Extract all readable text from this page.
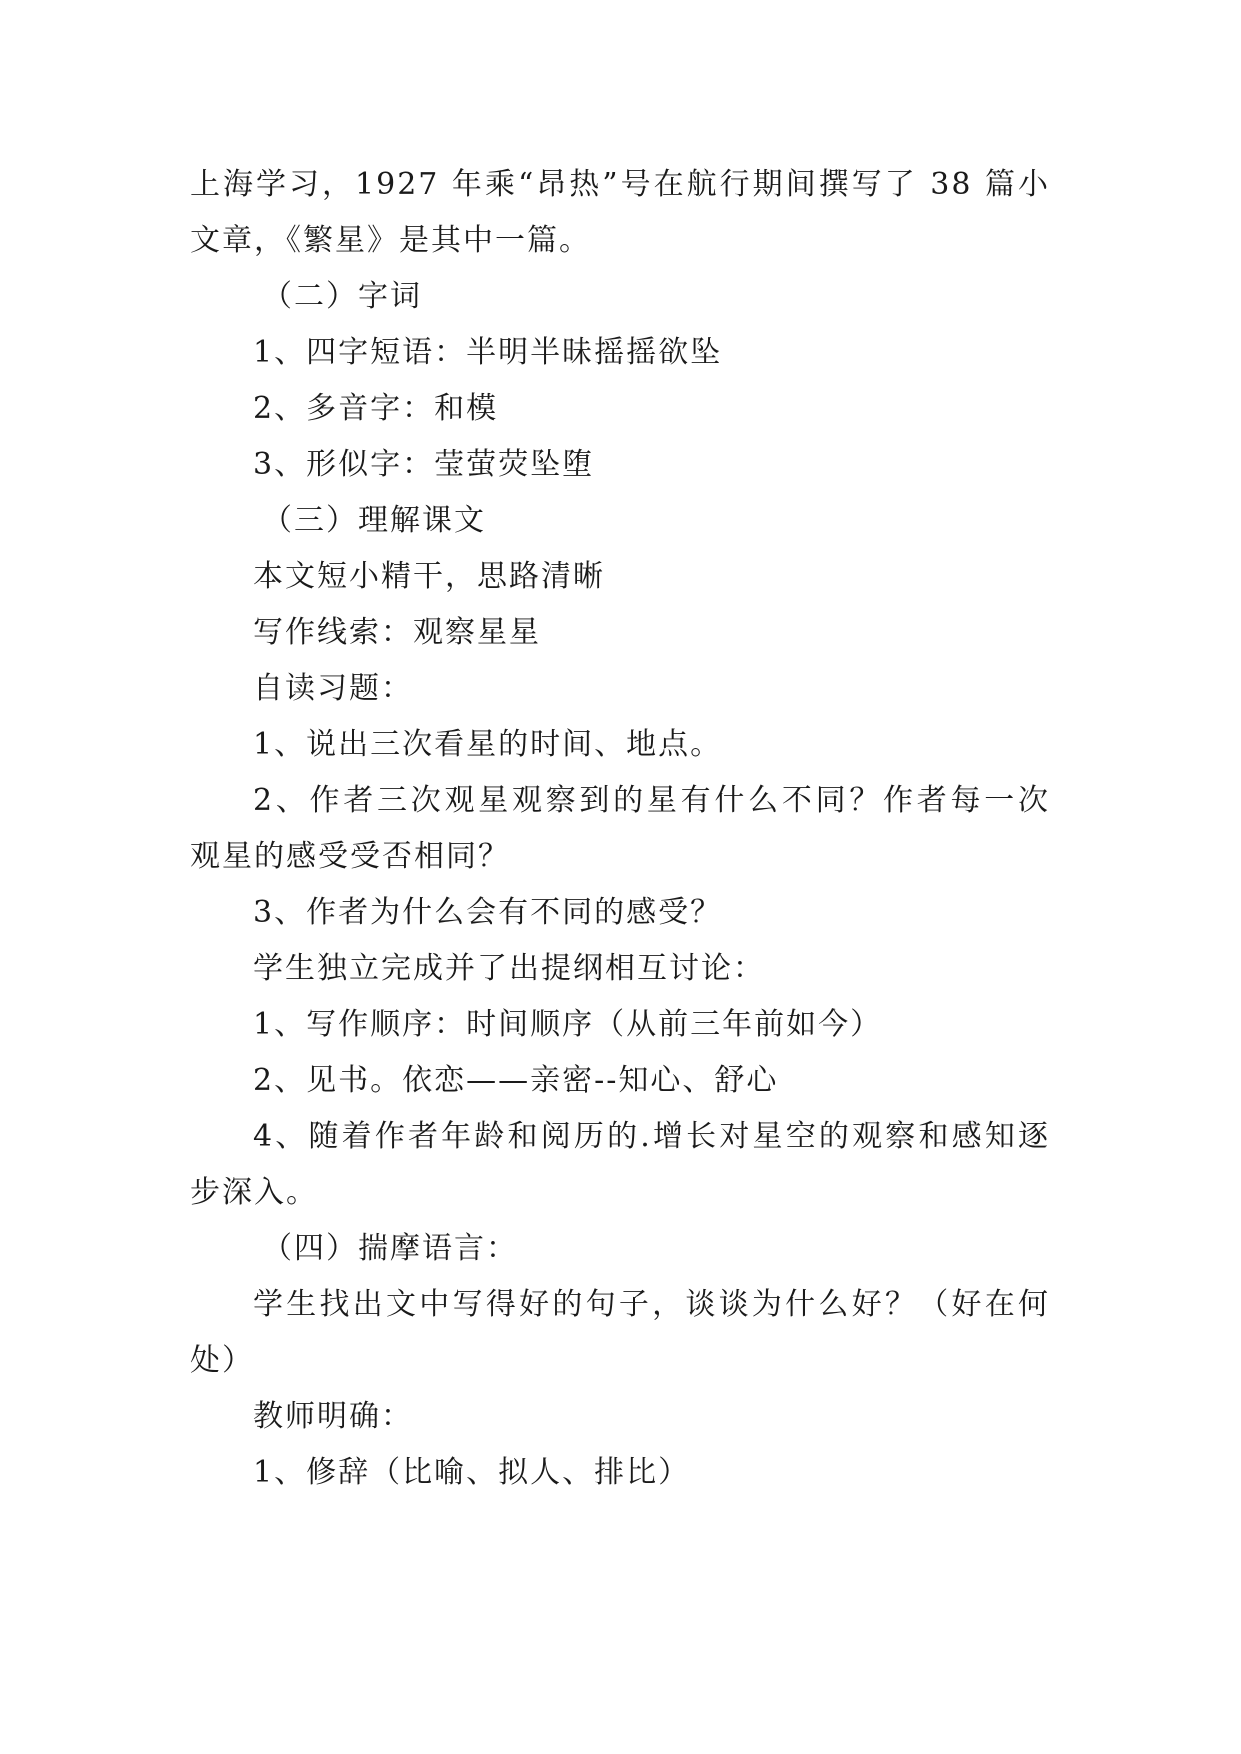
上海学习，1927 年乘“昂热”号在航行期间撰写了 38 篇小

文章，《繁星》是其中一篇。

（二）字词

1、四字短语：半明半昧摇摇欲坠

2、多音字：和模

3、形似字：莹萤荧坠堕

（三）理解课文

本文短小精干，思路清晰

写作线索：观察星星

自读习题：

1、说出三次看星的时间、地点。

2、作者三次观星观察到的星有什么不同？作者每一次

观星的感受受否相同？

3、作者为什么会有不同的感受？

学生独立完成并了出提纲相互讨论：

1、写作顺序：时间顺序（从前三年前如今）

2、见书。依恋——亲密--知心、舒心

4、随着作者年龄和阅历的.增长对星空的观察和感知逐

步深入。

（四）揣摩语言：

学生找出文中写得好的句子，谈谈为什么好？（好在何

处）

教师明确：

1、修辞（比喻、拟人、排比）
